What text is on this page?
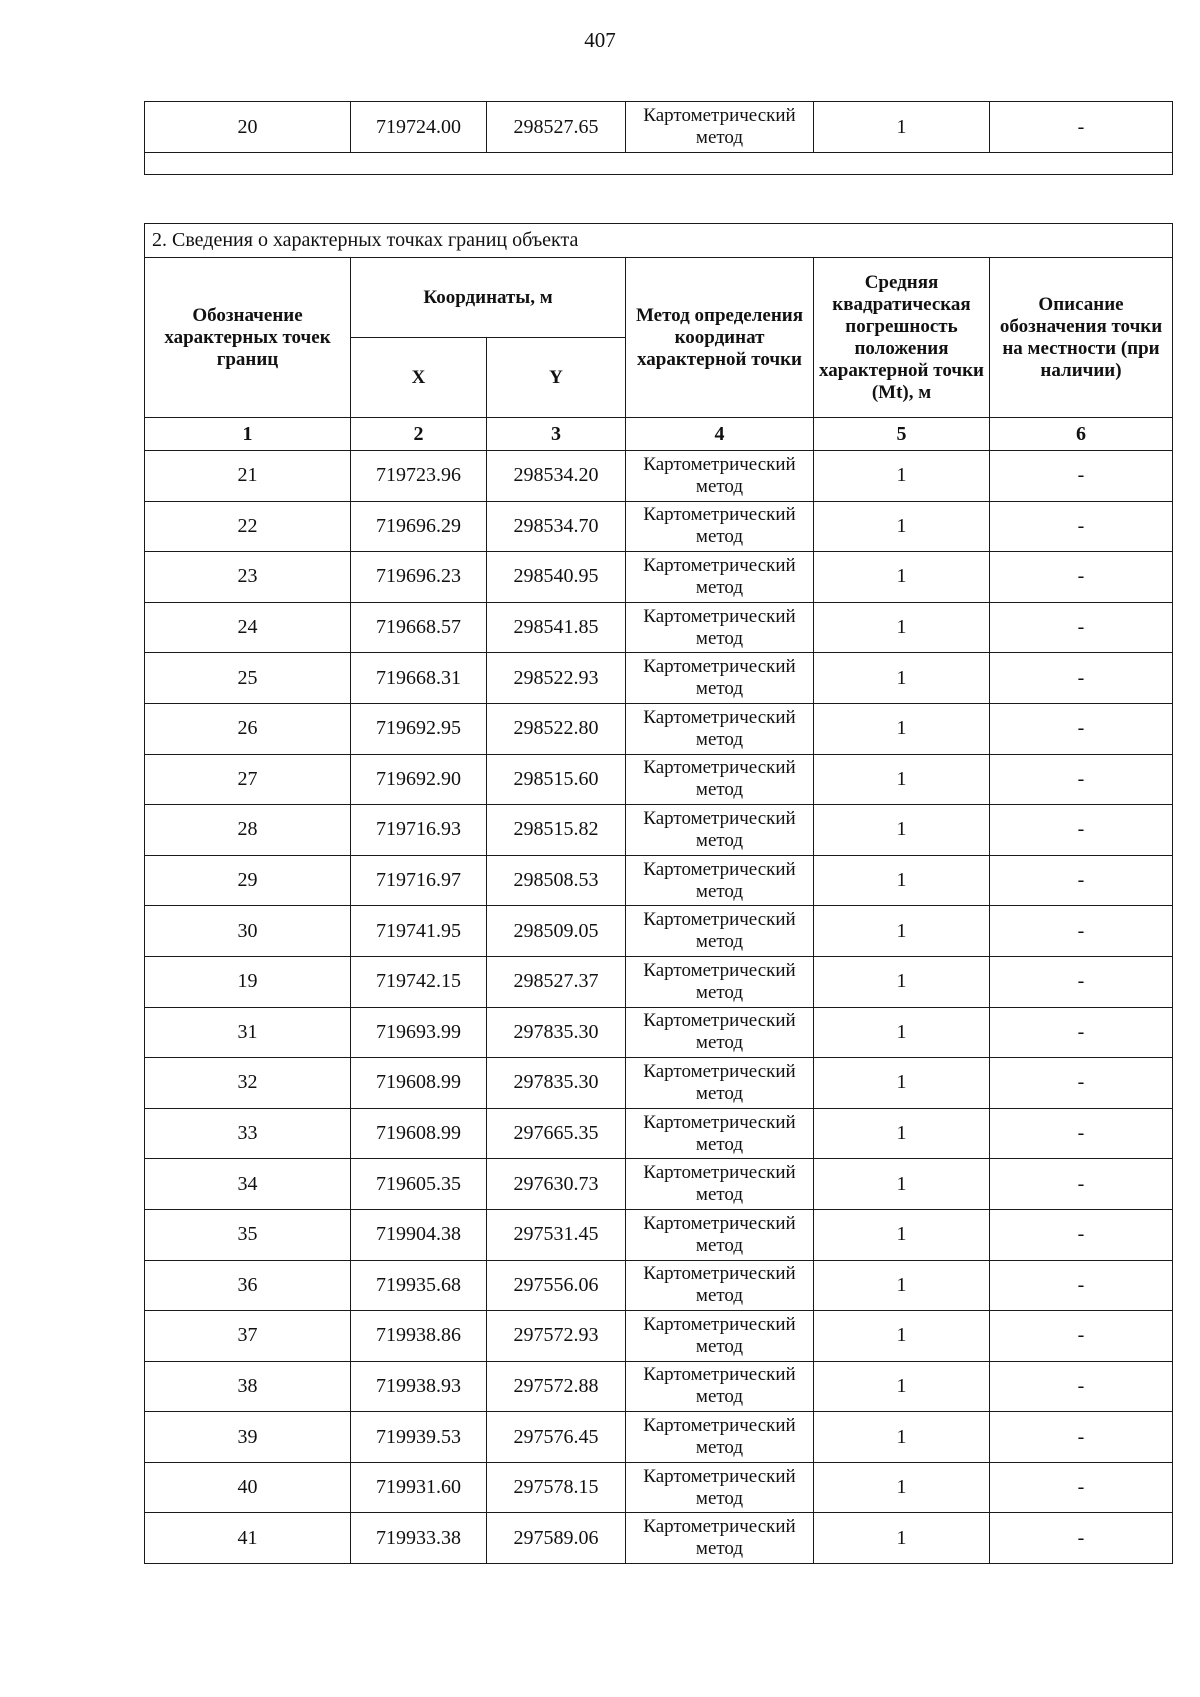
407
20	719724.00	298527.65	Картометрический метод	1	-

2. Сведения о характерных точках границ объекта					
Обозначение характерных точек границ	Координаты, м		Метод определения координат характерной точки	Средняя квадратическая погрешность положения характерной точки (Mt), м	Описание обозначения точки на местности (при наличии)
	X	Y			
1	2	3	4	5	6
21	719723.96	298534.20	Картометрический метод	1	-
22	719696.29	298534.70	Картометрический метод	1	-
23	719696.23	298540.95	Картометрический метод	1	-
24	719668.57	298541.85	Картометрический метод	1	-
25	719668.31	298522.93	Картометрический метод	1	-
26	719692.95	298522.80	Картометрический метод	1	-
27	719692.90	298515.60	Картометрический метод	1	-
28	719716.93	298515.82	Картометрический метод	1	-
29	719716.97	298508.53	Картометрический метод	1	-
30	719741.95	298509.05	Картометрический метод	1	-
19	719742.15	298527.37	Картометрический метод	1	-
31	719693.99	297835.30	Картометрический метод	1	-
32	719608.99	297835.30	Картометрический метод	1	-
33	719608.99	297665.35	Картометрический метод	1	-
34	719605.35	297630.73	Картометрический метод	1	-
35	719904.38	297531.45	Картометрический метод	1	-
36	719935.68	297556.06	Картометрический метод	1	-
37	719938.86	297572.93	Картометрический метод	1	-
38	719938.93	297572.88	Картометрический метод	1	-
39	719939.53	297576.45	Картометрический метод	1	-
40	719931.60	297578.15	Картометрический метод	1	-
41	719933.38	297589.06	Картометрический метод	1	-
